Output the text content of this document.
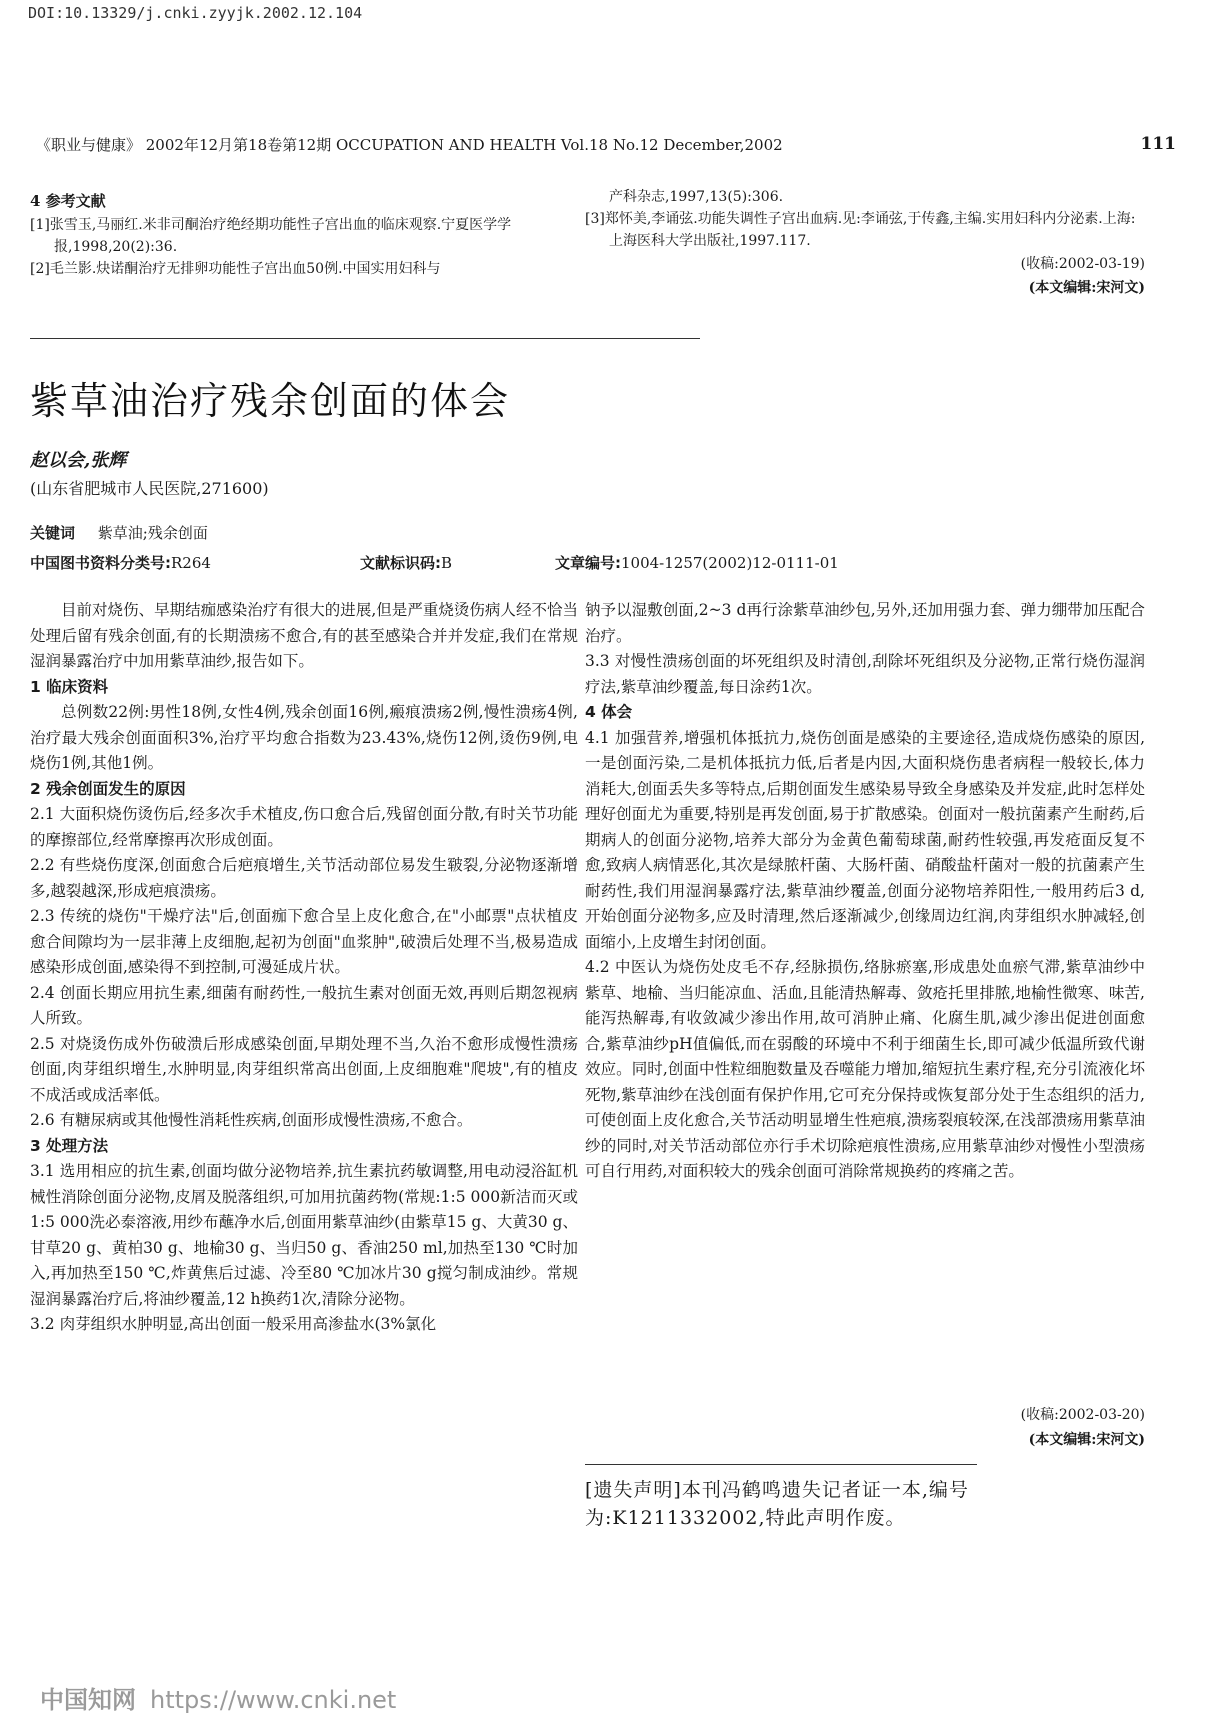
DOI:10.13329/j.cnki.zyyjk.2002.12.104
《职业与健康》 2002年12月第18卷第12期 OCCUPATION AND HEALTH Vol.18 No.12 December,2002	111
4 参考文献
[1]张雪玉,马丽红.米非司酮治疗绝经期功能性子宫出血的临床观察.宁夏医学学报,1998,20(2):36.
[2]毛兰影.炔诺酮治疗无排卵功能性子宫出血50例.中国实用妇科与
产科杂志,1997,13(5):306.
[3]郑怀美,李诵弦.功能失调性子宫出血病.见:李诵弦,于传鑫,主编.实用妇科内分泌素.上海:上海医科大学出版社,1997.117.
(收稿:2002-03-19)
(本文编辑:宋河文)
紫草油治疗残余创面的体会
赵以会,张辉
(山东省肥城市人民医院,271600)
关键词 紫草油;残余创面
中国图书资料分类号:R264	文献标识码:B	文章编号:1004-1257(2002)12-0111-01

目前对烧伤、早期结痂感染治疗有很大的进展,但是严重烧烫伤病人经不恰当处理后留有残余创面,有的长期溃疡不愈合,有的甚至感染合并并发症,我们在常规湿润暴露治疗中加用紫草油纱,报告如下。

1 临床资料

总例数22例:男性18例,女性4例,残余创面16例,瘢痕溃疡2例,慢性溃疡4例,治疗最大残余创面面积3%,治疗平均愈合指数为23.43%,烧伤12例,烫伤9例,电烧伤1例,其他1例。

2 残余创面发生的原因

2.1 大面积烧伤烫伤后,经多次手术植皮,伤口愈合后,残留创面分散,有时关节功能的摩擦部位,经常摩擦再次形成创面。

2.2 有些烧伤度深,创面愈合后疤痕增生,关节活动部位易发生皲裂,分泌物逐渐增多,越裂越深,形成疤痕溃疡。

2.3 传统的烧伤"干燥疗法"后,创面痂下愈合呈上皮化愈合,在"小邮票"点状植皮愈合间隙均为一层非薄上皮细胞,起初为创面"血浆肿",破溃后处理不当,极易造成感染形成创面,感染得不到控制,可漫延成片状。

2.4 创面长期应用抗生素,细菌有耐药性,一般抗生素对创面无效,再则后期忽视病人所致。

2.5 对烧烫伤成外伤破溃后形成感染创面,早期处理不当,久治不愈形成慢性溃疡创面,肉芽组织增生,水肿明显,肉芽组织常高出创面,上皮细胞难"爬坡",有的植皮不成活或成活率低。

2.6 有糖尿病或其他慢性消耗性疾病,创面形成慢性溃疡,不愈合。

3 处理方法

3.1 选用相应的抗生素,创面均做分泌物培养,抗生素抗药敏调整,用电动浸浴缸机械性消除创面分泌物,皮屑及脱落组织,可加用抗菌药物(常规:1:5 000新洁而灭或1:5 000洗必泰溶液,用纱布蘸净水后,创面用紫草油纱(由紫草15 g、大黄30 g、甘草20 g、黄柏30 g、地榆30 g、当归50 g、香油250 ml,加热至130 ℃时加入,再加热至150 ℃,炸黄焦后过滤、冷至80 ℃加冰片30 g搅匀制成油纱。常规湿润暴露治疗后,将油纱覆盖,12 h换药1次,清除分泌物。

3.2 肉芽组织水肿明显,高出创面一般采用高渗盐水(3%氯化

钠予以湿敷创面,2~3 d再行涂紫草油纱包,另外,还加用强力套、弹力绷带加压配合治疗。

3.3 对慢性溃疡创面的坏死组织及时清创,刮除坏死组织及分泌物,正常行烧伤湿润疗法,紫草油纱覆盖,每日涂药1次。

4 体会

4.1 加强营养,增强机体抵抗力,烧伤创面是感染的主要途径,造成烧伤感染的原因,一是创面污染,二是机体抵抗力低,后者是内因,大面积烧伤患者病程一般较长,体力消耗大,创面丢失多等特点,后期创面发生感染易导致全身感染及并发症,此时怎样处理好创面尤为重要,特别是再发创面,易于扩散感染。创面对一般抗菌素产生耐药,后期病人的创面分泌物,培养大部分为金黄色葡萄球菌,耐药性较强,再发疮面反复不愈,致病人病情恶化,其次是绿脓杆菌、大肠杆菌、硝酸盐杆菌对一般的抗菌素产生耐药性,我们用湿润暴露疗法,紫草油纱覆盖,创面分泌物培养阳性,一般用药后3 d,开始创面分泌物多,应及时清理,然后逐渐减少,创缘周边红润,肉芽组织水肿减轻,创面缩小,上皮增生封闭创面。

4.2 中医认为烧伤处皮毛不存,经脉损伤,络脉瘀塞,形成患处血瘀气滞,紫草油纱中紫草、地榆、当归能凉血、活血,且能清热解毒、敛疮托里排脓,地榆性微寒、味苦,能泻热解毒,有收敛减少渗出作用,故可消肿止痛、化腐生肌,减少渗出促进创面愈合,紫草油纱pH值偏低,而在弱酸的环境中不利于细菌生长,即可减少低温所致代谢效应。同时,创面中性粒细胞数量及吞噬能力增加,缩短抗生素疗程,充分引流液化坏死物,紫草油纱在浅创面有保护作用,它可充分保持或恢复部分处于生态组织的活力,可使创面上皮化愈合,关节活动明显增生性疤痕,溃疡裂痕较深,在浅部溃疡用紫草油纱的同时,对关节活动部位亦行手术切除疤痕性溃疡,应用紫草油纱对慢性小型溃疡可自行用药,对面积较大的残余创面可消除常规换药的疼痛之苦。

(收稿:2002-03-20)
(本文编辑:宋河文)
[遗失声明]本刊冯鹤鸣遗失记者证一本,编号为:K1211332002,特此声明作废。
中国知网 https://www.cnki.net
